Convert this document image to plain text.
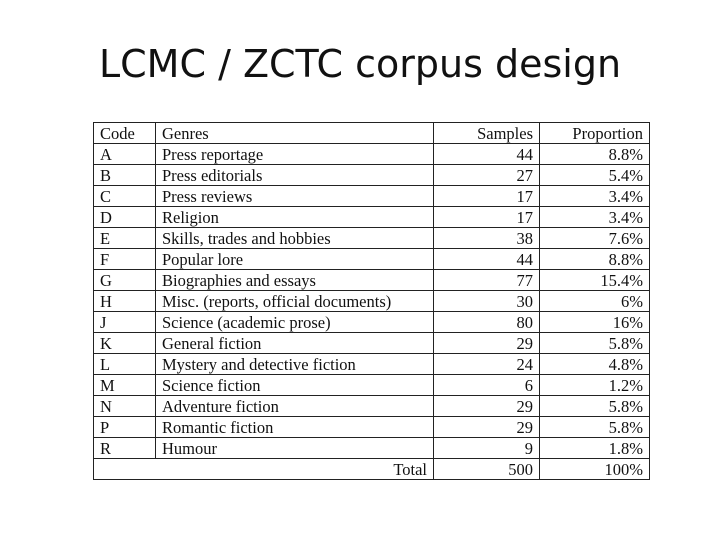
LCMC / ZCTC corpus design
Code	Genres	Samples	Proportion
A	Press reportage	44	8.8%
B	Press editorials	27	5.4%
C	Press reviews	17	3.4%
D	Religion	17	3.4%
E	Skills, trades and hobbies	38	7.6%
F	Popular lore	44	8.8%
G	Biographies and essays	77	15.4%
H	Misc. (reports, official documents)	30	6%
J	Science (academic prose)	80	16%
K	General fiction	29	5.8%
L	Mystery and detective fiction	24	4.8%
M	Science fiction	6	1.2%
N	Adventure fiction	29	5.8%
P	Romantic fiction	29	5.8%
R	Humour	9	1.8%
Total		500	100%
